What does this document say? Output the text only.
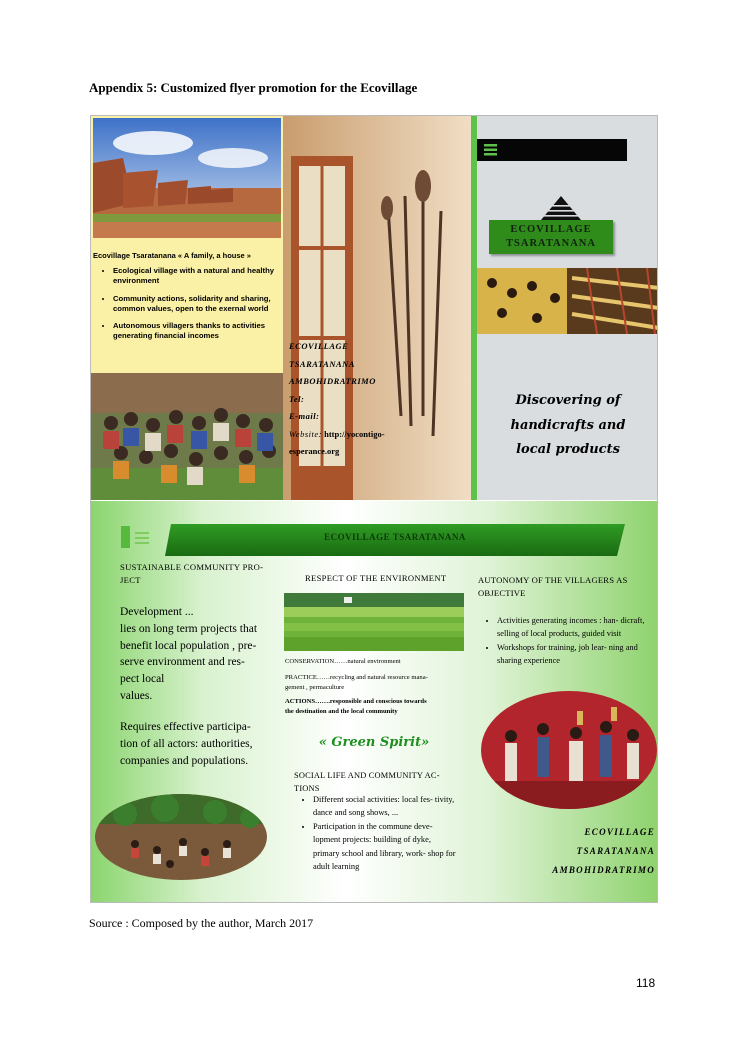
Appendix 5: Customized flyer promotion for the Ecovillage
Ecovillage Tsaratanana « A family, a house »
• Ecological village with a natural and healthy environment
• Community actions, solidarity and sharing, common values, open to the exernal world
• Autonomous villagers thanks to activities generating financial incomes
ECOVILLAGE
TSARATANANA
AMBOHIDRATRIMO
Tel:
E-mail:
Website: http://yocontigo-
esperance.org
ECOVILLAGE
TSARATANANA
Discovering of
handicrafts and
local products
ECOVILLAGE TSARATANANA
SUSTAINABLE COMMUNITY PRO-
JECT
Development ...
lies on long term projects that
benefit local population , pre-
serve environment and res-
pect local
values.
Requires effective participa-
tion of all actors: authorities,
companies and populations.
RESPECT OF THE ENVIRONMENT
CONSERVATION……natural environment
PRACTICE……recycling and natural resource mana-
gement , permaculture
ACTIONS…….responsible and conscious towards
the destination and the local community
« Green Spirit»
SOCIAL LIFE AND COMMUNITY AC-
TIONS
• Different social activities: local fes- tivity, dance and song shows, ...
• Participation in the commune deve- lopment projects: building of dyke, primary school and library, work- shop for adult learning
AUTONOMY OF THE VILLAGERS AS
OBJECTIVE
• Activities generating incomes : han- dicraft, selling of local products, guided visit
• Workshops for training, job lear- ning and sharing experience
ECOVILLAGE
TSARATANANA
AMBOHIDRATRIMO
Source : Composed by the author, March 2017
118
